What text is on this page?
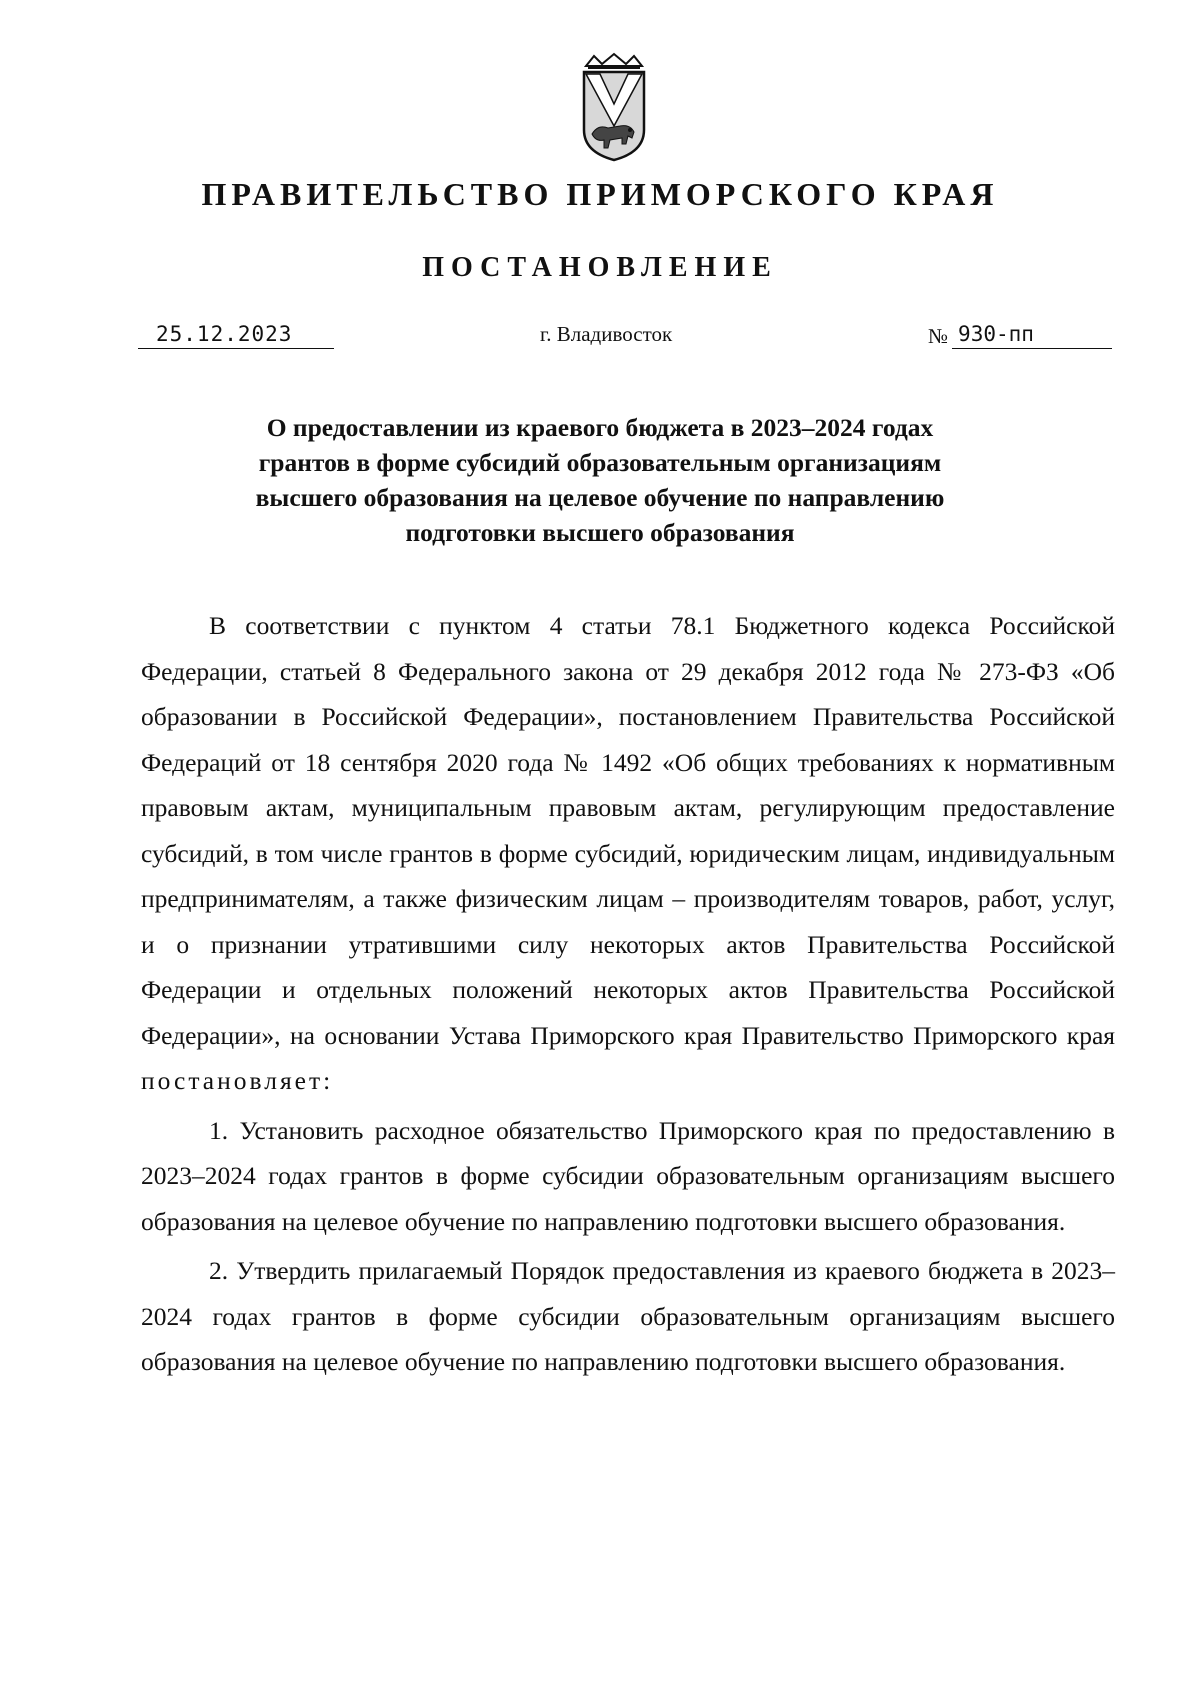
ПРАВИТЕЛЬСТВО ПРИМОРСКОГО КРАЯ
ПОСТАНОВЛЕНИЕ
25.12.2023	г. Владивосток	№ 930-пп
О предоставлении из краевого бюджета в 2023–2024 годах
грантов в форме субсидий образовательным организациям
высшего образования на целевое обучение по направлению
подготовки высшего образования

В соответствии с пунктом 4 статьи 78.1 Бюджетного кодекса Российской Федерации, статьей 8 Федерального закона от 29 декабря 2012 года № 273-ФЗ «Об образовании в Российской Федерации», постановлением Правительства Российской Федераций от 18 сентября 2020 года № 1492 «Об общих требованиях к нормативным правовым актам, муниципальным правовым актам, регулирующим предоставление субсидий, в том числе грантов в форме субсидий, юридическим лицам, индивидуальным предпринимателям, а также физическим лицам – производителям товаров, работ, услуг, и о признании утратившими силу некоторых актов Правительства Российской Федерации и отдельных положений некоторых актов Правительства Российской Федерации», на основании Устава Приморского края Правительство Приморского края постановляет:

1. Установить расходное обязательство Приморского края по предоставлению в 2023–2024 годах грантов в форме субсидии образовательным организациям высшего образования на целевое обучение по направлению подготовки высшего образования.

2. Утвердить прилагаемый Порядок предоставления из краевого бюджета в 2023–2024 годах грантов в форме субсидии образовательным организациям высшего образования на целевое обучение по направлению подготовки высшего образования.
